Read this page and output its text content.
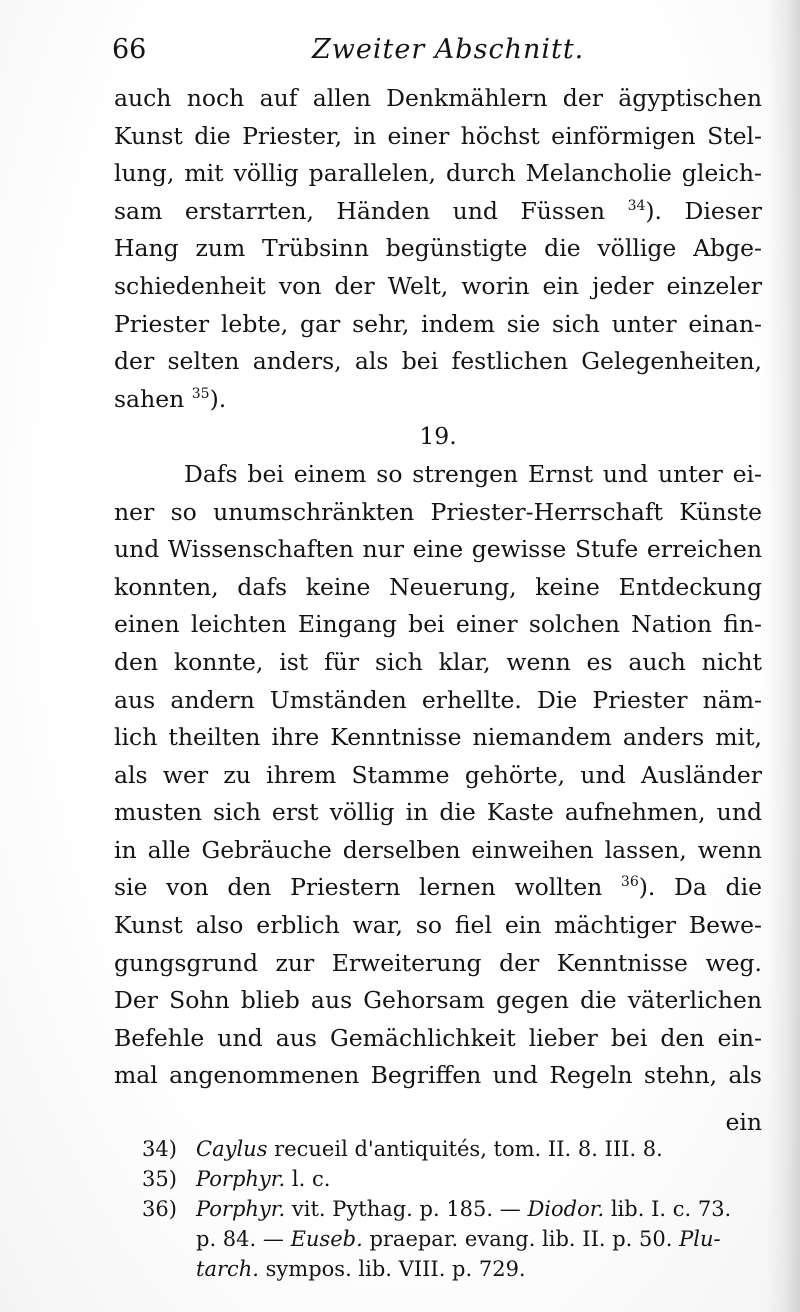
66	Zweiter Abschnitt.
auch noch auf allen Denkmählern der ägyptischen
Kunst die Priester, in einer höchst einförmigen Stel-
lung, mit völlig parallelen, durch Melancholie gleich-
sam erstarrten, Händen und Füssen $^{34}$). Dieser
Hang zum Trübsinn begünstigte die völlige Abge-
schiedenheit von der Welt, worin ein jeder einzeler
Priester lebte, gar sehr, indem sie sich unter einan-
der selten anders, als bei festlichen Gelegenheiten,
sahen $^{35}$).
19.
Dafs bei einem so strengen Ernst und unter ei-
ner so unumschränkten Priester-Herrschaft Künste
und Wissenschaften nur eine gewisse Stufe erreichen
konnten, dafs keine Neuerung, keine Entdeckung
einen leichten Eingang bei einer solchen Nation fin-
den konnte, ist für sich klar, wenn es auch nicht
aus andern Umständen erhellte. Die Priester näm-
lich theilten ihre Kenntnisse niemandem anders mit,
als wer zu ihrem Stamme gehörte, und Ausländer
musten sich erst völlig in die Kaste aufnehmen, und
in alle Gebräuche derselben einweihen lassen, wenn
sie von den Priestern lernen wollten $^{36}$). Da die
Kunst also erblich war, so fiel ein mächtiger Bewe-
gungsgrund zur Erweiterung der Kenntnisse weg.
Der Sohn blieb aus Gehorsam gegen die väterlichen
Befehle und aus Gemächlichkeit lieber bei den ein-
mal angenommenen Begriffen und Regeln stehn, als
ein
34) Caylus recueil d'antiquités, tom. II. 8. III. 8.
35) Porphyr. l. c.
36) Porphyr. vit. Pythag. p. 185. — Diodor. lib. I. c. 73.
p. 84. — Euseb. praepar. evang. lib. II. p. 50. Plu-
tarch. sympos. lib. VIII. p. 729.
